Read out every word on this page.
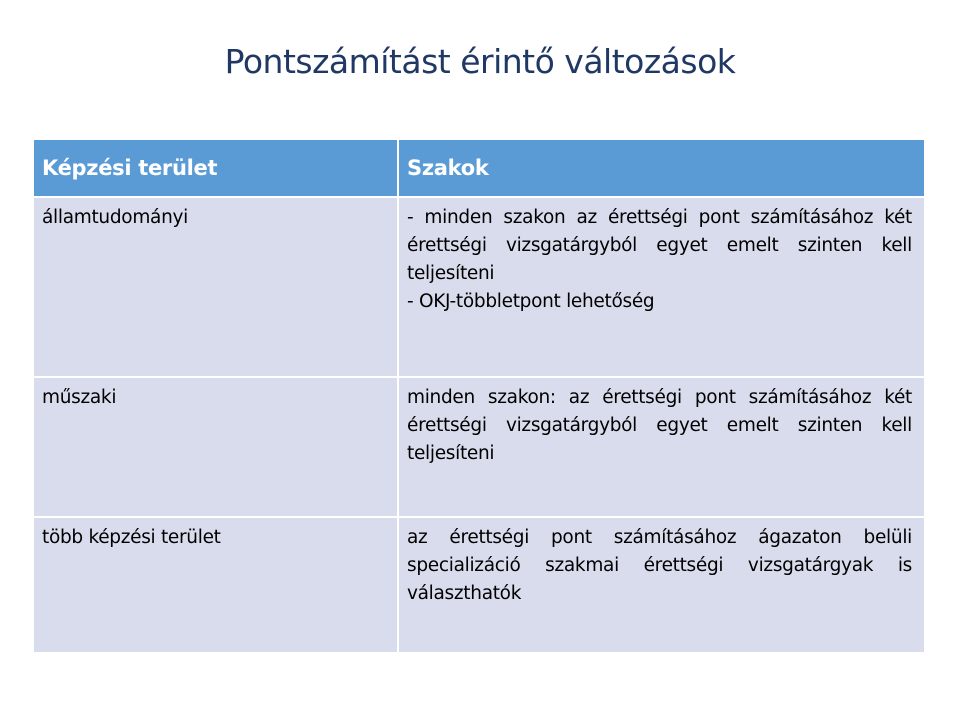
Pontszámítást érintő változások
Képzési terület	Szakok
államtudományi	- minden szakon az érettségi pont számításához két érettségi vizsgatárgyból egyet emelt szinten kell teljesíteni
- OKJ-többletpont lehetőség

műszaki	minden szakon: az érettségi pont számításához két érettségi vizsgatárgyból egyet emelt szinten kell teljesíteni

több képzési terület	az érettségi pont számításához ágazaton belüli specializáció szakmai érettségi vizsgatárgyak is választhatók
